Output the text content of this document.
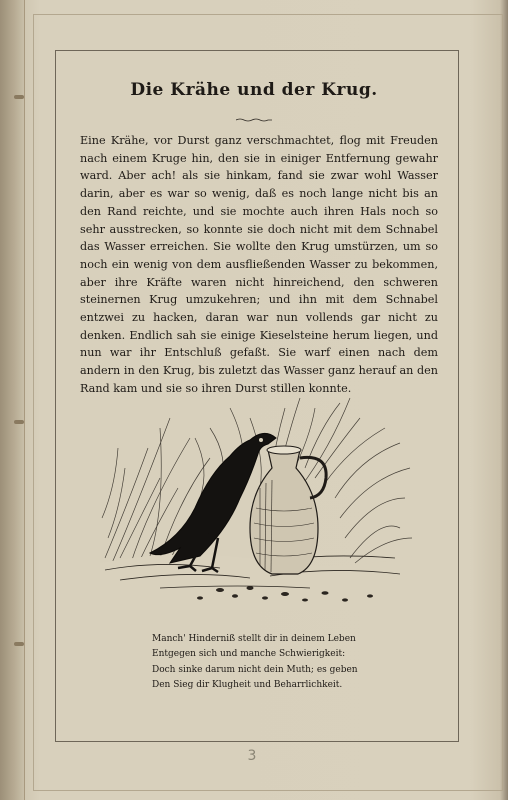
Die Krähe und der Krug.
Eine Krähe, vor Durst ganz verschmachtet, flog mit Freuden nach einem Kruge hin, den sie in einiger Entfernung gewahr ward. Aber ach! als sie hinkam, fand sie zwar wohl Wasser darin, aber es war so wenig, daß es noch lange nicht bis an den Rand reichte, und sie mochte auch ihren Hals noch so sehr ausstrecken, so konnte sie doch nicht mit dem Schnabel das Wasser erreichen. Sie wollte den Krug umstürzen, um so noch ein wenig von dem ausfließenden Wasser zu bekommen, aber ihre Kräfte waren nicht hinreichend, den schweren steinernen Krug umzukehren; und ihn mit dem Schnabel entzwei zu hacken, daran war nun vollends gar nicht zu denken. Endlich sah sie einige Kieselsteine herum liegen, und nun war ihr Entschluß gefaßt. Sie warf einen nach dem andern in den Krug, bis zuletzt das Wasser ganz herauf an den Rand kam und sie so ihren Durst stillen konnte.
Manch' Hinderniß stellt dir in deinem Leben
Entgegen sich und manche Schwierigkeit:
Doch sinke darum nicht dein Muth; es geben
Den Sieg dir Klugheit und Beharrlichkeit.
3
